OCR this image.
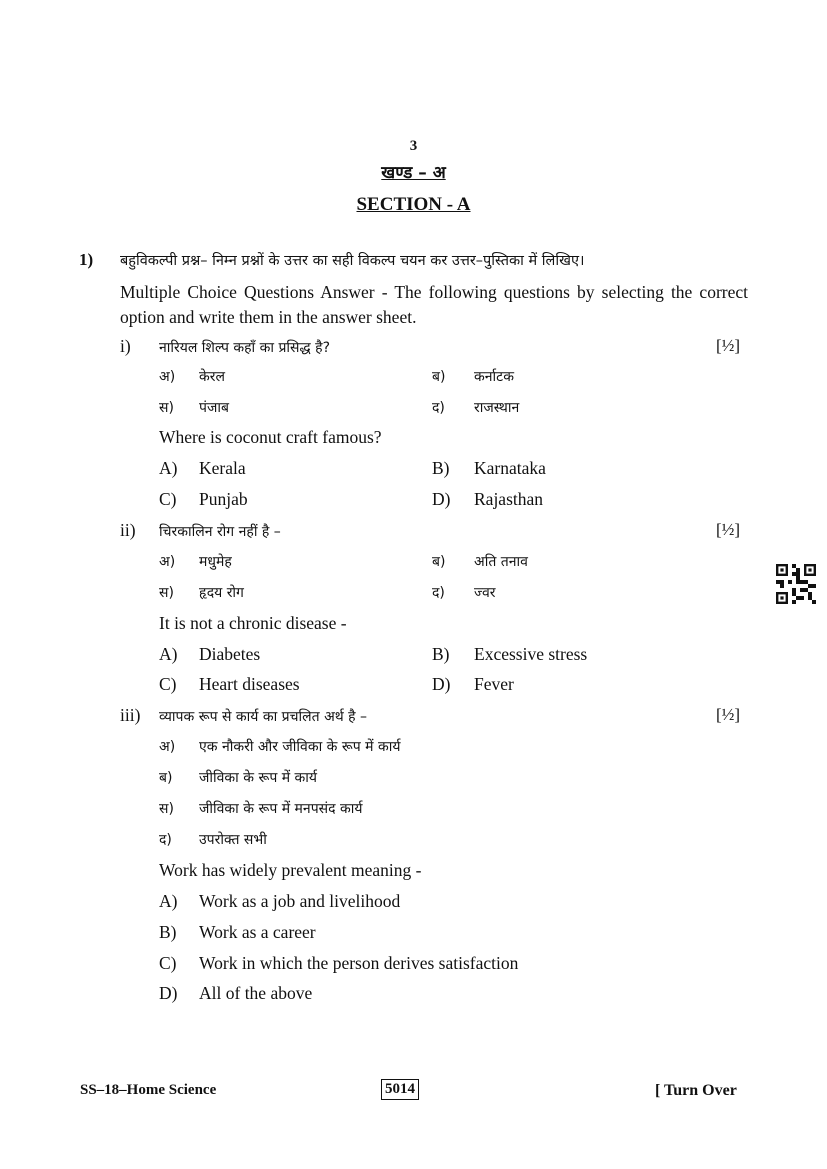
3
खण्ड – अ
SECTION - A
1) बहुविकल्पी प्रश्न– निम्न प्रश्नों के उत्तर का सही विकल्प चयन कर उत्तर–पुस्तिका में लिखिए।
Multiple Choice Questions Answer - The following questions by selecting the correct option and write them in the answer sheet.
i) नारियल शिल्प कहाँ का प्रसिद्ध है?	[½]
अ) केरल	ब) कर्नाटक
स) पंजाब	द) राजस्थान
Where is coconut craft famous?
A) Kerala	B) Karnataka
C) Punjab	D) Rajasthan
ii) चिरकालिन रोग नहीं है –	[½]
अ) मधुमेह	ब) अति तनाव
स) हृदय रोग	द) ज्वर
It is not a chronic disease -
A) Diabetes	B) Excessive stress
C) Heart diseases	D) Fever
iii) व्यापक रूप से कार्य का प्रचलित अर्थ है –	[½]
अ) एक नौकरी और जीविका के रूप में कार्य
ब) जीविका के रूप में कार्य
स) जीविका के रूप में मनपसंद कार्य
द) उपरोक्त सभी
Work has widely prevalent meaning -
A) Work as a job and livelihood
B) Work as a career
C) Work in which the person derives satisfaction
D) All of the above
SS–18–Home Science	5014	[ Turn Over
